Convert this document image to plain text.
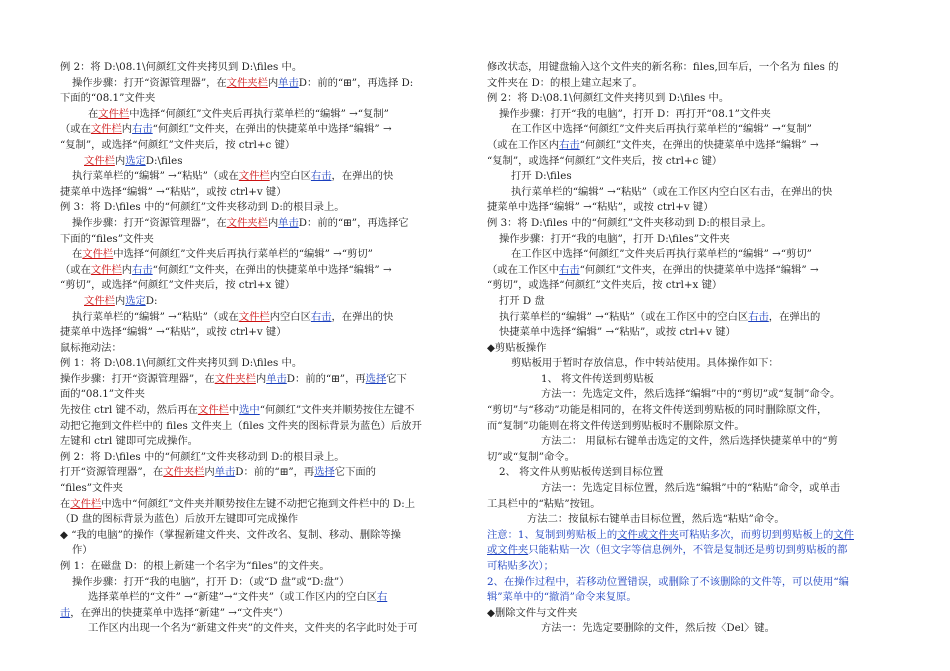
例 2：将 D:\08.1\何颜红文件夹拷贝到 D:\files 中。
操作步骤：打开“资源管理器”，在文件夹栏内单击D：前的“⊞”，再选择 D:
下面的“08.1”文件夹
在文件栏中选择“何颜红”文件夹后再执行菜单栏的“编辑” →“复制”
（或在文件栏内右击“何颜红”文件夹，在弹出的快捷菜单中选择“编辑” →
“复制”，或选择“何颜红”文件夹后，按 ctrl+c 键）
文件栏内选定D:\files
执行菜单栏的“编辑” →“粘贴”（或在文件栏内空白区右击，在弹出的快
捷菜单中选择“编辑” →“粘贴”，或按 ctrl+v 键）
例 3：将 D:\files 中的“何颜红”文件夹移动到 D:的根目录上。
操作步骤：打开“资源管理器”，在文件夹栏内单击D：前的“⊞”，再选择它
下面的“files”文件夹
在文件栏中选择“何颜红”文件夹后再执行菜单栏的“编辑” →“剪切”
（或在文件栏内右击“何颜红”文件夹，在弹出的快捷菜单中选择“编辑” →
“剪切”，或选择“何颜红”文件夹后，按 ctrl+x 键）
文件栏内选定D:
执行菜单栏的“编辑” →“粘贴”（或在文件栏内空白区右击，在弹出的快
捷菜单中选择“编辑” →“粘贴”，或按 ctrl+v 键）
鼠标拖动法：
例 1：将 D:\08.1\何颜红文件夹拷贝到 D:\files 中。
操作步骤：打开“资源管理器”，在文件夹栏内单击D：前的“⊞”，再选择它下
面的“08.1”文件夹
先按住 ctrl 键不动，然后再在文件栏中选中“何颜红”文件夹并顺势按住左键不
动把它拖到文件栏中的 files 文件夹上（files 文件夹的图标背景为蓝色）后放开
左键和 ctrl 键即可完成操作。
例 2：将 D:\files 中的“何颜红”文件夹移动到 D:的根目录上。
打开“资源管理器”，在文件夹栏内单击D：前的“⊞”，再选择它下面的
“files”文件夹
在文件栏中选中“何颜红”文件夹并顺势按住左键不动把它拖到文件栏中的 D:上
（D 盘的图标背景为蓝色）后放开左键即可完成操作
◆ “我的电脑”的操作（掌握新建文件夹、文件改名、复制、移动、删除等操
作）
例 1：在磁盘 D：的根上新建一个名字为“files”的文件夹。
操作步骤：打开“我的电脑”，打开 D：（或“D 盘”或“D:盘”）
选择菜单栏的“文件” →“新建”→“文件夹”（或工作区内的空白区右
击，在弹出的快捷菜单中选择“新建” →“文件夹”）
工作区内出现一个名为“新建文件夹”的文件夹，文件夹的名字此时处于可
修改状态，用键盘输入这个文件夹的新名称：files,回车后，一个名为 files 的
文件夹在 D：的根上建立起来了。
例 2：将 D:\08.1\何颜红文件夹拷贝到 D:\files 中。
操作步骤：打开“我的电脑”，打开 D：再打开“08.1”文件夹
在工作区中选择“何颜红”文件夹后再执行菜单栏的“编辑” →“复制”
（或在工作区内右击“何颜红”文件夹，在弹出的快捷菜单中选择“编辑” →
“复制”，或选择“何颜红”文件夹后，按 ctrl+c 键）
打开 D:\files
执行菜单栏的“编辑” →“粘贴”（或在工作区内空白区右击，在弹出的快
捷菜单中选择“编辑” →“粘贴”，或按 ctrl+v 键）
例 3：将 D:\files 中的“何颜红”文件夹移动到 D:的根目录上。
操作步骤：打开“我的电脑”，打开 D:\files”文件夹
在工作区中选择“何颜红”文件夹后再执行菜单栏的“编辑” →“剪切”
（或在工作区中右击“何颜红”文件夹，在弹出的快捷菜单中选择“编辑” →
“剪切”，或选择“何颜红”文件夹后，按 ctrl+x 键）
打开 D 盘
执行菜单栏的“编辑” →“粘贴”（或在工作区中的空白区右击，在弹出的
快捷菜单中选择“编辑” →“粘贴”，或按 ctrl+v 键）
◆剪贴板操作
剪贴板用于暂时存放信息，作中转站使用。具体操作如下：
1、 将文件传送到剪贴板
方法一：先选定文件，然后选择“编辑”中的“剪切”或“复制”命令。
“剪切”与“移动”功能是相同的，在将文件传送到剪贴板的同时删除原文件，
而“复制”功能则在将文件传送到剪贴板时不删除原文件。
方法二： 用鼠标右键单击选定的文件，然后选择快捷菜单中的“剪
切”或“复制”命令。
2、 将文件从剪贴板传送到目标位置
方法一：先选定目标位置，然后选“编辑”中的“粘贴”命令，或单击
工具栏中的“粘贴”按钮。
方法二：按鼠标右键单击目标位置，然后选“粘贴”命令。
注意：1、复制到剪贴板上的文件或文件夹可粘贴多次，而剪切到剪贴板上的文件
或文件夹只能粘贴一次（但文字等信息例外，不管是复制还是剪切到剪贴板的都
可粘贴多次）；
2、在操作过程中，若移动位置错误，或删除了不该删除的文件等，可以使用“编
辑”菜单中的“撤消”命令来复原。
◆删除文件与文件夹
方法一：先选定要删除的文件，然后按〈Del〉键。
